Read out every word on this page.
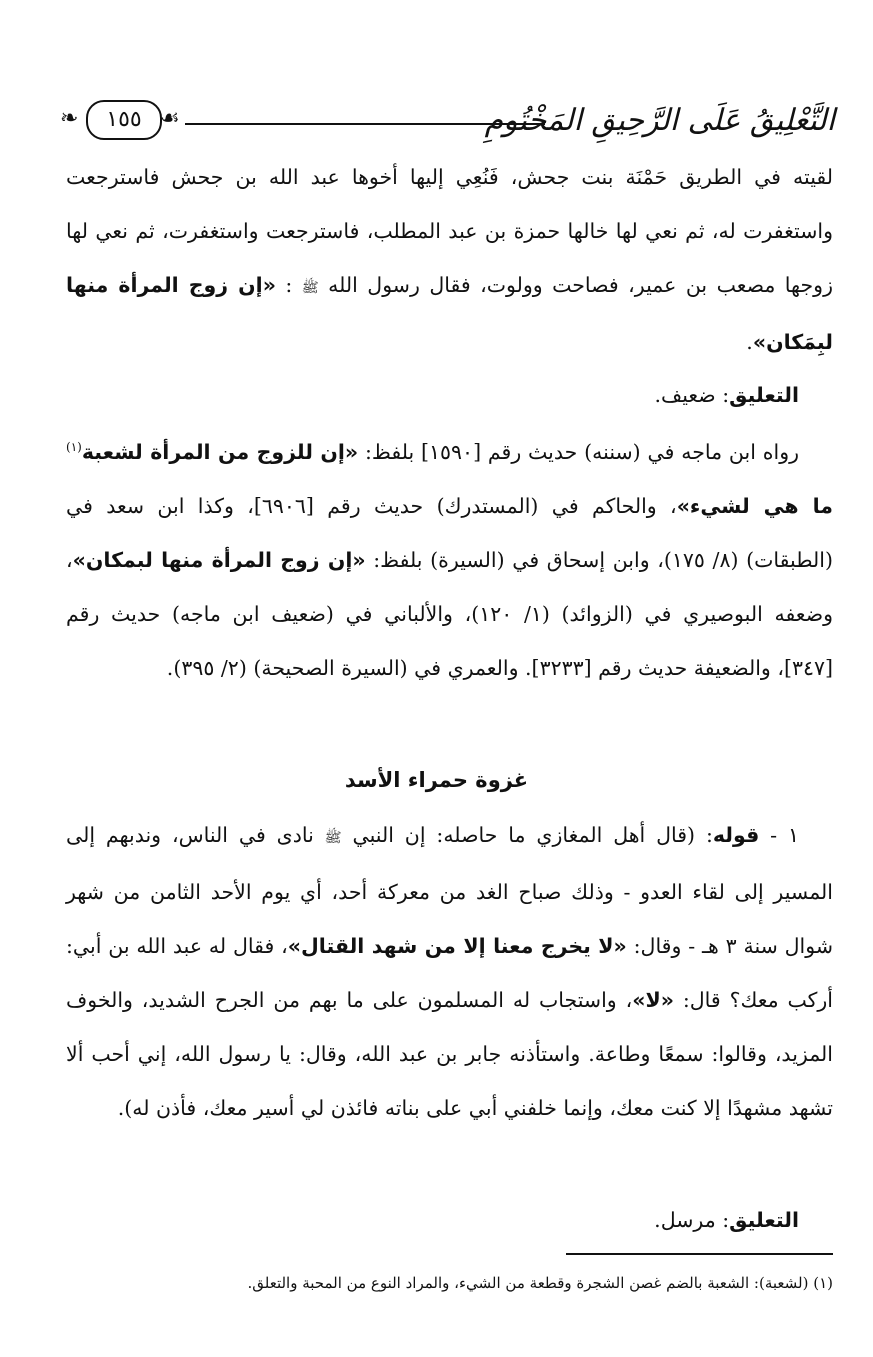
التَّعْلِيقُ عَلَى الرَّحِيقِ المَخْتُومِ
❧	١٥٥ ☙
لقيته في الطريق حَمْنَة بنت جحش، فَنُعِي إليها أخوها عبد الله بن جحش فاسترجعت واستغفرت له، ثم نعي لها خالها حمزة بن عبد المطلب، فاسترجعت واستغفرت، ثم نعي لها زوجها مصعب بن عمير، فصاحت وولوت، فقال رسول الله ﷺ : «إن زوج المرأة منها لبِمَكان».
التعليق: ضعيف.
رواه ابن ماجه في (سننه) حديث رقم [١٥٩٠] بلفظ: «إن للزوج من المرأة لشعبة$^{(١)}$ ما هي لشيء»، والحاكم في (المستدرك) حديث رقم [٦٩٠٦]، وكذا ابن سعد في (الطبقات) (٨/ ١٧٥)، وابن إسحاق في (السيرة) بلفظ: «إن زوج المرأة منها لبمكان»، وضعفه البوصيري في (الزوائد) (١/ ١٢٠)، والألباني في (ضعيف ابن ماجه) حديث رقم [٣٤٧]، والضعيفة حديث رقم [٣٢٣٣]. والعمري في (السيرة الصحيحة) (٢/ ٣٩٥).
غزوة حمراء الأسد
١ - قوله: (قال أهل المغازي ما حاصله: إن النبي ﷺ نادى في الناس، وندبهم إلى المسير إلى لقاء العدو - وذلك صباح الغد من معركة أحد، أي يوم الأحد الثامن من شهر شوال سنة ٣ هـ - وقال: «لا يخرج معنا إلا من شهد القتال»، فقال له عبد الله بن أبي: أركب معك؟ قال: «لا»، واستجاب له المسلمون على ما بهم من الجرح الشديد، والخوف المزيد، وقالوا: سمعًا وطاعة. واستأذنه جابر بن عبد الله، وقال: يا رسول الله، إني أحب ألا تشهد مشهدًا إلا كنت معك، وإنما خلفني أبي على بناته فائذن لي أسير معك، فأذن له).
التعليق: مرسل.
(١) (لشعبة): الشعبة بالضم غصن الشجرة وقطعة من الشيء، والمراد النوع من المحبة والتعلق.
